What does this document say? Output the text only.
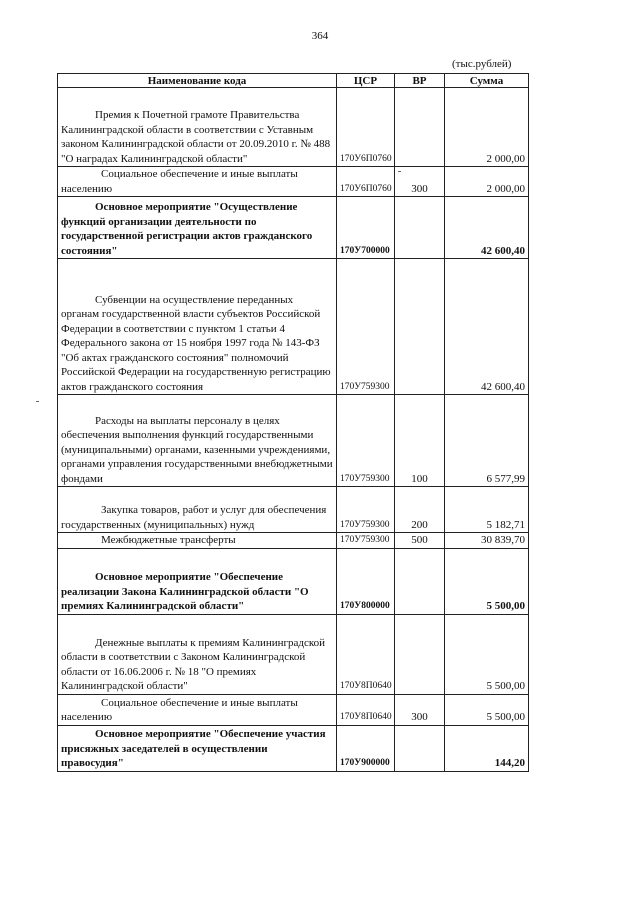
364
(тыс.рублей)
Наименование кода	ЦСР	ВР	Сумма
Премия к Почетной грамоте Правительства Калининградской области в соответствии с Уставным законом Калининградской области от 20.09.2010 г. № 488 "О наградах Калининградской области"	170У6П0760		2 000,00
Социальное обеспечение и иные выплаты населению	170У6П0760	300	2 000,00
Основное мероприятие "Осуществление функций организации деятельности по государственной регистрации актов гражданского состояния"	170У700000		42 600,40
Субвенции на осуществление переданных органам государственной власти субъектов Российской Федерации в соответствии с пунктом 1 статьи 4 Федерального закона от 15 ноября 1997 года № 143-ФЗ "Об актах гражданского состояния" полномочий Российской Федерации на государственную регистрацию актов гражданского состояния	170У759300		42 600,40
Расходы на выплаты персоналу в целях обеспечения выполнения функций государственными (муниципальными) органами, казенными учреждениями, органами управления государственными внебюджетными фондами	170У759300	100	6 577,99
Закупка товаров, работ и услуг для обеспечения государственных (муниципальных) нужд	170У759300	200	5 182,71
Межбюджетные трансферты	170У759300	500	30 839,70
Основное мероприятие "Обеспечение реализации Закона Калининградской области "О премиях Калининградской области"	170У800000		5 500,00
Денежные выплаты к премиям Калининградской области в соответствии с Законом Калининградской области от 16.06.2006 г. № 18 "О премиях Калининградской области"	170У8П0640		5 500,00
Социальное обеспечение и иные выплаты населению	170У8П0640	300	5 500,00
Основное мероприятие "Обеспечение участия присяжных заседателей в осуществлении правосудия"	170У900000		144,20
